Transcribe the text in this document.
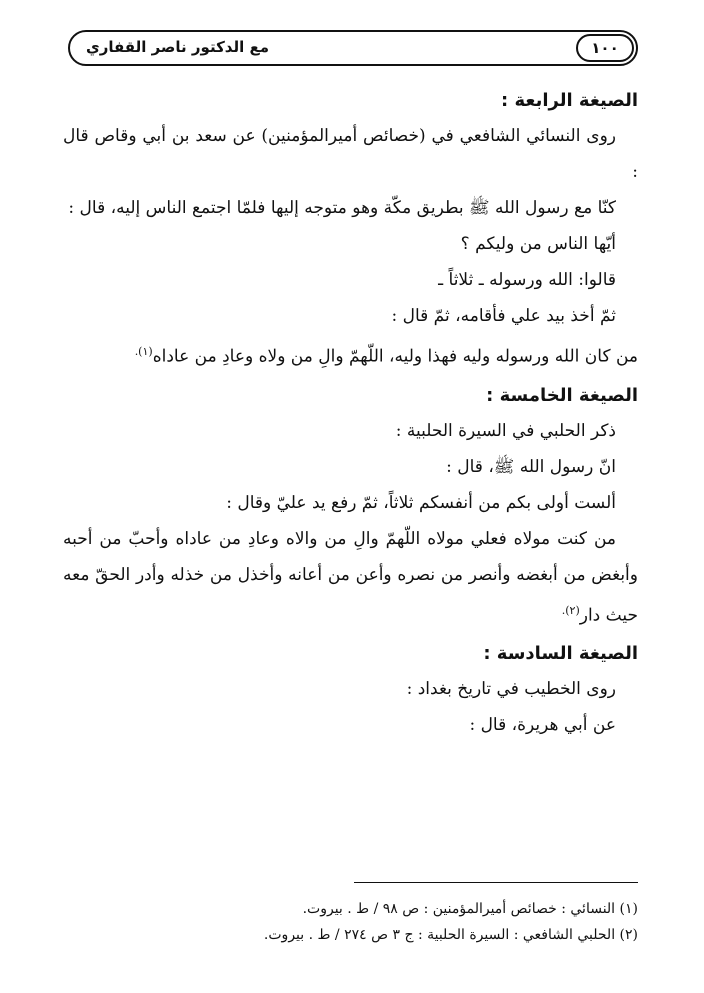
١٠٠
مع الدكتور ناصر القفاري

الصيغة الرابعة :

روى النسائي الشافعي في (خصائص أميرالمؤمنين) عن سعد بن أبي وقاص قال :

كنّا مع رسول الله ﷺ بطريق مكّة وهو متوجه إليها فلمّا اجتمع الناس إليه، قال :

أيّها الناس من وليكم ؟

قالوا: الله ورسوله ـ ثلاثاً ـ

ثمّ أخذ بيد علي فأقامه، ثمّ قال :

من كان الله ورسوله وليه فهذا وليه، اللّهمّ والِ من ولاه وعادِ من عاداه$^{(١).}$

الصيغة الخامسة :

ذكر الحلبي في السيرة الحلبية :

انّ رسول الله ﷺ، قال :

ألست أولى بكم من أنفسكم ثلاثاً، ثمّ رفع يد عليّ وقال :

من كنت مولاه فعلي مولاه اللّهمّ والِ من والاه وعادِ من عاداه وأحبّ من أحبه وأبغض من أبغضه وأنصر من نصره وأعن من أعانه وأخذل من خذله وأدر الحقّ معه حيث دار$^{(٢).}$

الصيغة السادسة :

روى الخطيب في تاريخ بغداد :

عن أبي هريرة، قال :

(١) النسائي : خصائص أميرالمؤمنين : ص ٩٨ / ط . بيروت.

(٢) الحلبي الشافعي : السيرة الحلبية : ج ٣ ص ٢٧٤ / ط . بيروت.
